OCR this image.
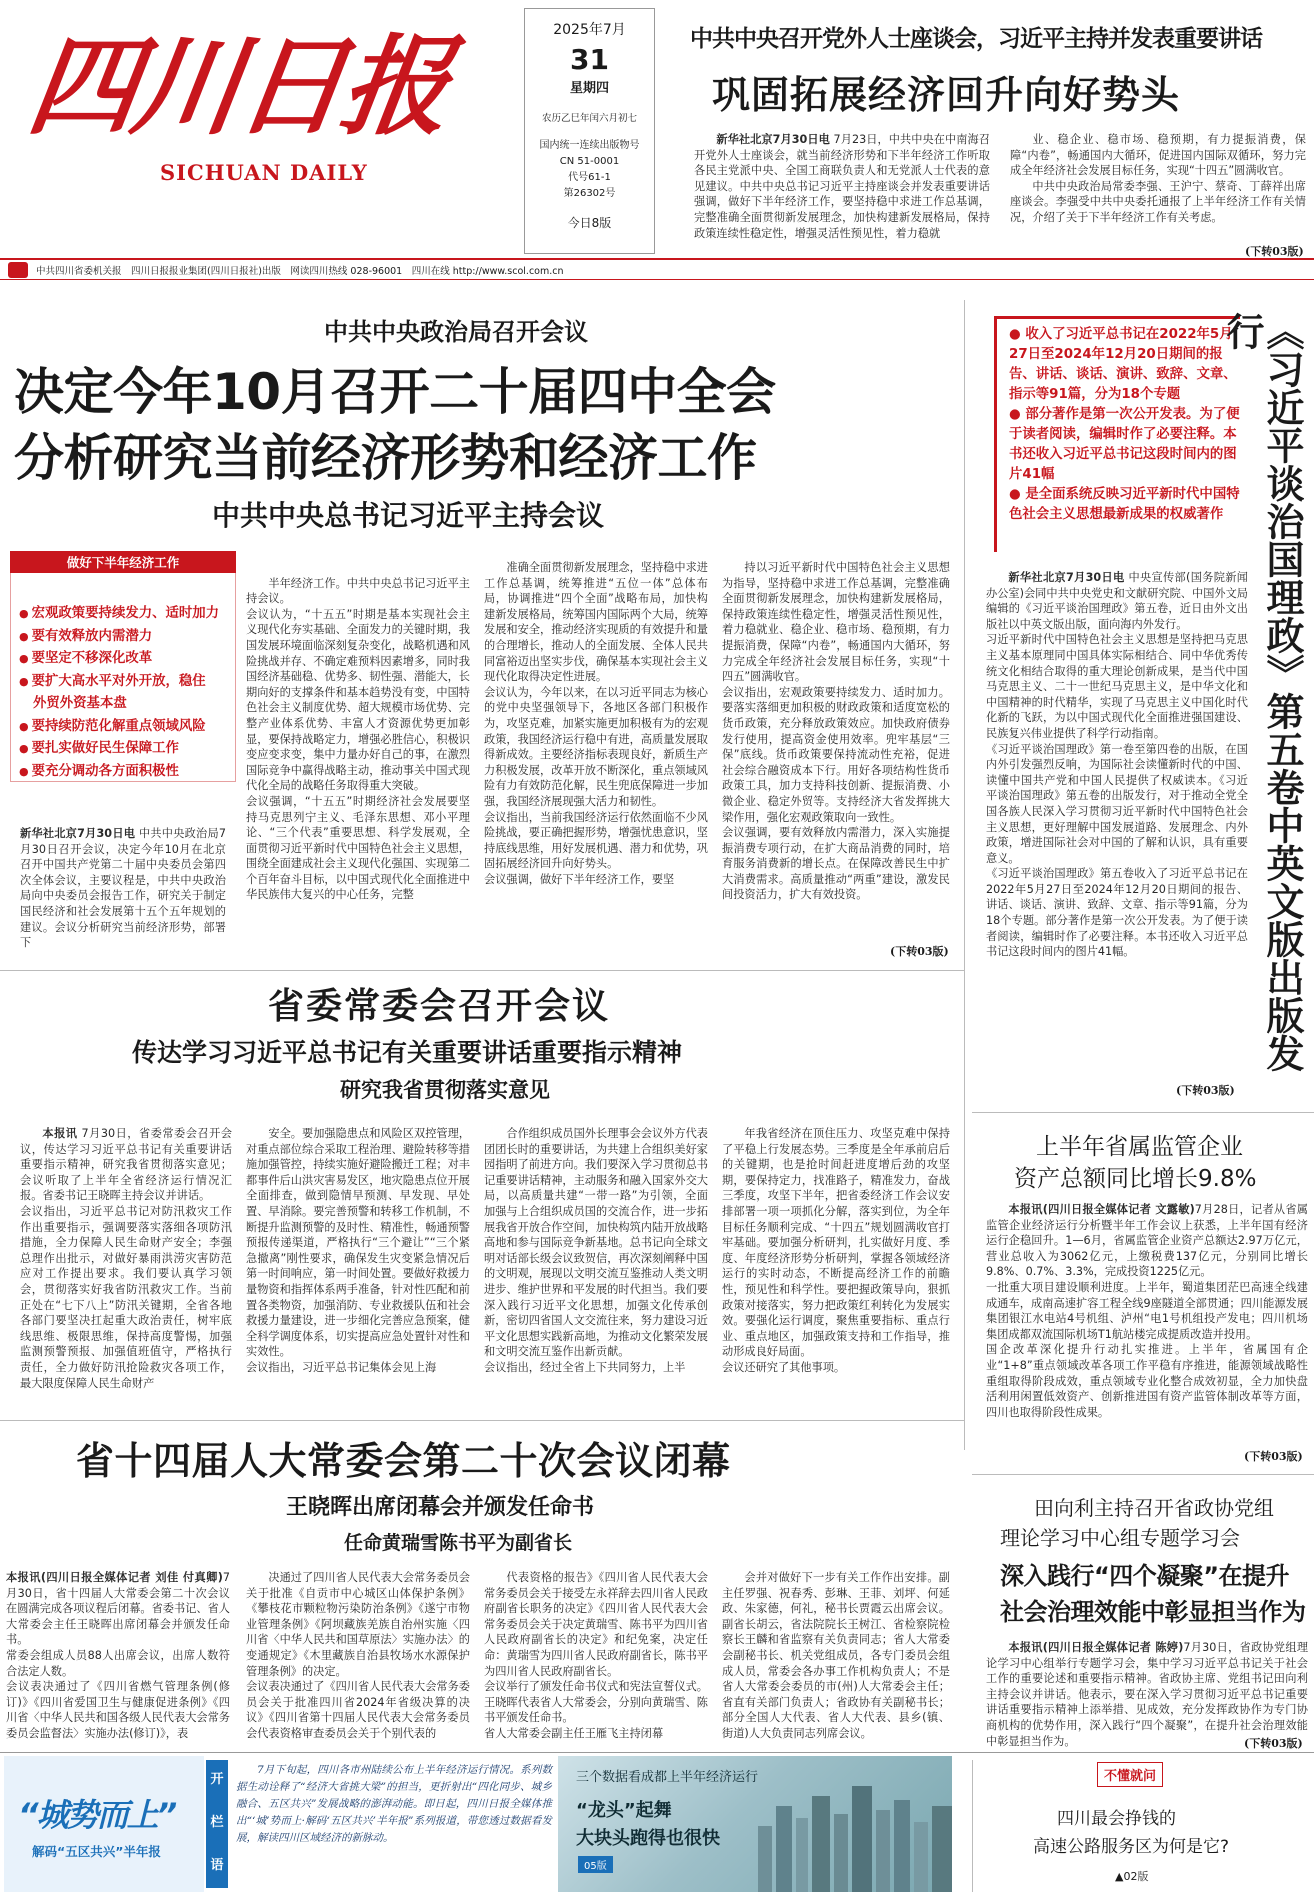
四川日报
SICHUAN DAILY
2025年7月
31
星期四
农历乙巳年闰六月初七
国内统一连续出版物号
CN 51-0001
代号61-1
第26302号
今日8版
中共中央召开党外人士座谈会，习近平主持并发表重要讲话
巩固拓展经济回升向好势头

新华社北京7月30日电 7月23日，中共中央在中南海召开党外人士座谈会，就当前经济形势和下半年经济工作听取各民主党派中央、全国工商联负责人和无党派人士代表的意见建议。中共中央总书记习近平主持座谈会并发表重要讲话强调，做好下半年经济工作，要坚持稳中求进工作总基调，完整准确全面贯彻新发展理念，加快构建新发展格局，保持政策连续性稳定性，增强灵活性预见性，着力稳就

业、稳企业、稳市场、稳预期，有力提振消费，保障“内卷”，畅通国内大循环，促进国内国际双循环，努力完成全年经济社会发展目标任务，实现“十四五”圆满收官。

中共中央政治局常委李强、王沪宁、蔡奇、丁薛祥出席座谈会。李强受中共中央委托通报了上半年经济工作有关情况，介绍了关于下半年经济工作有关考虑。

(下转03版)
中共四川省委机关报　四川日报报业集团(四川日报社)出版　网读四川热线 028-96001　四川在线 http://www.scol.com.cn
中共中央政治局召开会议
决定今年10月召开二十届四中全会
分析研究当前经济形势和经济工作
中共中央总书记习近平主持会议
做好下半年经济工作
● 宏观政策要持续发力、适时加力
● 要有效释放内需潜力
● 要坚定不移深化改革
● 要扩大高水平对外开放，稳住
外贸外资基本盘
● 要持续防范化解重点领域风险
● 要扎实做好民生保障工作
● 要充分调动各方面积极性

新华社北京7月30日电 中共中央政治局7月30日召开会议，决定今年10月在北京召开中国共产党第二十届中央委员会第四次全体会议，主要议程是，中共中央政治局向中央委员会报告工作，研究关于制定国民经济和社会发展第十五个五年规划的建议。会议分析研究当前经济形势，部署下

半年经济工作。中共中央总书记习近平主持会议。
会议认为，“十五五”时期是基本实现社会主义现代化夯实基础、全面发力的关键时期，我国发展环境面临深刻复杂变化，战略机遇和风险挑战并存、不确定难预料因素增多，同时我国经济基础稳、优势多、韧性强、潜能大，长期向好的支撑条件和基本趋势没有变，中国特色社会主义制度优势、超大规模市场优势、完整产业体系优势、丰富人才资源优势更加彰显，要保持战略定力，增强必胜信心，积极识变应变求变，集中力量办好自己的事，在激烈国际竞争中赢得战略主动，推动事关中国式现代化全局的战略任务取得重大突破。
会议强调，“十五五”时期经济社会发展要坚持马克思列宁主义、毛泽东思想、邓小平理论、“三个代表”重要思想、科学发展观，全面贯彻习近平新时代中国特色社会主义思想，围绕全面建成社会主义现代化强国、实现第二个百年奋斗目标，以中国式现代化全面推进中华民族伟大复兴的中心任务，完整

准确全面贯彻新发展理念，坚持稳中求进工作总基调，统筹推进“五位一体”总体布局，协调推进“四个全面”战略布局，加快构建新发展格局，统筹国内国际两个大局，统筹发展和安全，推动经济实现质的有效提升和量的合理增长，推动人的全面发展、全体人民共同富裕迈出坚实步伐，确保基本实现社会主义现代化取得决定性进展。
会议认为，今年以来，在以习近平同志为核心的党中央坚强领导下，各地区各部门积极作为，攻坚克难，加紧实施更加积极有为的宏观政策，我国经济运行稳中有进，高质量发展取得新成效。主要经济指标表现良好，新质生产力积极发展，改革开放不断深化，重点领域风险有力有效防范化解，民生兜底保障进一步加强，我国经济展现强大活力和韧性。
会议指出，当前我国经济运行依然面临不少风险挑战，要正确把握形势，增强忧患意识，坚持底线思维，用好发展机遇、潜力和优势，巩固拓展经济回升向好势头。
会议强调，做好下半年经济工作，要坚

持以习近平新时代中国特色社会主义思想为指导，坚持稳中求进工作总基调，完整准确全面贯彻新发展理念，加快构建新发展格局，保持政策连续性稳定性，增强灵活性预见性，着力稳就业、稳企业、稳市场、稳预期，有力提振消费，保障“内卷”，畅通国内大循环，努力完成全年经济社会发展目标任务，实现“十四五”圆满收官。
会议指出，宏观政策要持续发力、适时加力。要落实落细更加积极的财政政策和适度宽松的货币政策，充分释放政策效应。加快政府债券发行使用，提高资金使用效率。兜牢基层“三保”底线。货币政策要保持流动性充裕，促进社会综合融资成本下行。用好各项结构性货币政策工具，加力支持科技创新、提振消费、小微企业、稳定外贸等。支持经济大省发挥挑大梁作用，强化宏观政策取向一致性。
会议强调，要有效释放内需潜力，深入实施提振消费专项行动，在扩大商品消费的同时，培育服务消费新的增长点。在保障改善民生中扩大消费需求。高质量推动“两重”建设，激发民间投资活力，扩大有效投资。

(下转03版)
● 收入了习近平总书记在2022年5月27日至2024年12月20日期间的报告、讲话、谈话、演讲、致辞、文章、指示等91篇，分为18个专题
● 部分著作是第一次公开发表。为了便于读者阅读，编辑时作了必要注释。本书还收入习近平总书记这段时间内的图片41幅
● 是全面系统反映习近平新时代中国特色社会主义思想最新成果的权威著作 《习近平谈治国理政》第五卷中英文版出版发行

新华社北京7月30日电 中央宣传部(国务院新闻办公室)会同中共中央党史和文献研究院、中国外文局编辑的《习近平谈治国理政》第五卷，近日由外文出版社以中英文版出版，面向海内外发行。
习近平新时代中国特色社会主义思想是坚持把马克思主义基本原理同中国具体实际相结合、同中华优秀传统文化相结合取得的重大理论创新成果，是当代中国马克思主义、二十一世纪马克思主义，是中华文化和中国精神的时代精华，实现了马克思主义中国化时代化新的飞跃，为以中国式现代化全面推进强国建设、民族复兴伟业提供了科学行动指南。
《习近平谈治国理政》第一卷至第四卷的出版，在国内外引发强烈反响，为国际社会读懂新时代的中国、读懂中国共产党和中国人民提供了权威读本。《习近平谈治国理政》第五卷的出版发行，对于推动全党全国各族人民深入学习贯彻习近平新时代中国特色社会主义思想，更好理解中国发展道路、发展理念、内外政策，增进国际社会对中国的了解和认识，具有重要意义。
《习近平谈治国理政》第五卷收入了习近平总书记在2022年5月27日至2024年12月20日期间的报告、讲话、谈话、演讲、致辞、文章、指示等91篇，分为18个专题。部分著作是第一次公开发表。为了便于读者阅读，编辑时作了必要注释。本书还收入习近平总书记这段时间内的图片41幅。

(下转03版)
上半年省属监管企业
资产总额同比增长9.8%

本报讯(四川日报全媒体记者 文露敏)7月28日，记者从省属监管企业经济运行分析暨半年工作会议上获悉，上半年国有经济运行企稳回升。1—6月，省属监管企业资产总额达2.97万亿元，营业总收入为3062亿元，上缴税费137亿元，分别同比增长9.8%、0.7%、3.3%，完成投资1225亿元。
一批重大项目建设顺利进度。上半年，蜀道集团茫巴高速全线建成通车，成南高速扩容工程全线9座隧道全部贯通；四川能源发展集团银江水电站4号机组、泸州“电1号机组投产发电；四川机场集团成都双流国际机场T1航站楼完成提质改造并投用。
国企改革深化提升行动扎实推进。上半年，省属国有企业“1+8”重点领域改革各项工作平稳有序推进，能源领域战略性重组取得阶段成效，重点领域专业化整合成效初显，全力加快盘活利用闲置低效资产、创新推进国有资产监管体制改革等方面，四川也取得阶段性成果。

(下转03版)
省委常委会召开会议
传达学习习近平总书记有关重要讲话重要指示精神
研究我省贯彻落实意见

本报讯 7月30日，省委常委会召开会议，传达学习习近平总书记有关重要讲话重要指示精神，研究我省贯彻落实意见；会议听取了上半年全省经济运行情况汇报。省委书记王晓晖主持会议并讲话。
会议指出，习近平总书记对防汛救灾工作作出重要指示，强调要落实落细各项防汛措施，全力保障人民生命财产安全；李强总理作出批示，对做好暴雨洪涝灾害防范应对工作提出要求。我们要认真学习领会，贯彻落实好我省防汛救灾工作。当前正处在“七下八上”防汛关键期，全省各地各部门要坚决扛起重大政治责任，树牢底线思维、极限思维，保持高度警惕，加强监测预警预报、加强值班值守，严格执行责任，全力做好防汛抢险救灾各项工作，最大限度保障人民生命财产

安全。要加强隐患点和风险区双控管理，对重点部位综合采取工程治理、避险转移等措施加强管控，持续实施好避险搬迁工程；对丰都事件后山洪灾害易发区，地灾隐患点位开展全面排查，做到隐情早预测、早发现、早处置、早消除。要完善预警和转移工作机制，不断提升监测预警的及时性、精准性，畅通预警预报传递渠道，严格执行“三个避让”“三个紧急撤离”刚性要求，确保发生灾变紧急情况后第一时间响应，第一时间处置。要做好救援力量物资和指挥体系两手准备，针对性匹配和前置各类物资，加强消防、专业救援队伍和社会救援力量建设，进一步细化完善应急预案，健全科学调度体系，切实提高应急处置针对性和实效性。
会议指出，习近平总书记集体会见上海

合作组织成员国外长理事会会议外方代表团团长时的重要讲话，为共建上合组织美好家园指明了前进方向。我们要深入学习贯彻总书记重要讲话精神，主动服务和融入国家外交大局，以高质量共建“一带一路”为引领，全面加强与上合组织成员国的交流合作，进一步拓展我省开放合作空间，加快构筑内陆开放战略高地和参与国际竞争新基地。总书记向全球文明对话部长级会议致贺信，再次深刻阐释中国的文明观，展现以文明交流互鉴推动人类文明进步、维护世界和平发展的时代担当。我们要深入践行习近平文化思想，加强文化传承创新，密切四省国人文交流往来，努力建设习近平文化思想实践新高地，为推动文化繁荣发展和文明交流互鉴作出新贡献。
会议指出，经过全省上下共同努力，上半

年我省经济在顶住压力、攻坚克难中保持了平稳上行发展态势。三季度是全年承前启后的关键期，也是抢时间赶进度增后劲的攻坚期，要保持定力，找准路子，精准发力，奋战三季度，攻坚下半年，把省委经济工作会议安排部署一项一项抓化分解，落实到位，为全年目标任务顺利完成、“十四五”规划圆满收官打牢基础。要加强分析研判，扎实做好月度、季度、年度经济形势分析研判，掌握各领域经济运行的实时动态，不断提高经济工作的前瞻性，预见性和科学性。要把握政策导向，狠抓政策对接落实，努力把政策红利转化为发展实效。要强化运行调度，聚焦重要指标、重点行业、重点地区，加强政策支持和工作指导，推动形成良好局面。
会议还研究了其他事项。

省十四届人大常委会第二十次会议闭幕
王晓晖出席闭幕会并颁发任命书
任命黄瑞雪陈书平为副省长

本报讯(四川日报全媒体记者 刘佳 付真卿)7月30日，省十四届人大常委会第二十次会议在圆满完成各项议程后闭幕。省委书记、省人大常委会主任王晓晖出席闭幕会并颁发任命书。
常委会组成人员88人出席会议，出席人数符合法定人数。
会议表决通过了《四川省燃气管理条例(修订)》《四川省爱国卫生与健康促进条例》《四川省〈中华人民共和国各级人民代表大会常务委员会监督法〉实施办法(修订)》，表

决通过了四川省人民代表大会常务委员会关于批准《自贡市中心城区山体保护条例》《攀枝花市颗粒物污染防治条例》《遂宁市物业管理条例》《阿坝藏族羌族自治州实施〈四川省〈中华人民共和国草原法〉实施办法〉的变通规定》《木里藏族自治县牧场水水源保护管理条例》的决定。
会议表决通过了《四川省人民代表大会常务委员会关于批准四川省2024年省级决算的决议》《四川省第十四届人民代表大会常务委员会代表资格审查委员会关于个别代表的

代表资格的报告》《四川省人民代表大会常务委员会关于接受左永祥辞去四川省人民政府副省长职务的决定》《四川省人民代表大会常务委员会关于决定黄瑞雪、陈书平为四川省人民政府副省长的决定》和纪免案，决定任命：黄瑞雪为四川省人民政府副省长，陈书平为四川省人民政府副省长。
会议举行了颁发任命书仪式和宪法宣誓仪式。王晓晖代表省人大常委会，分别向黄瑞雪、陈书平颁发任命书。
省人大常委会副主任王雁飞主持闭幕

会并对做好下一步有关工作作出安排。副主任罗强、祝春秀、彭琳、王菲、刘坪、何延政、朱家德，何礼，秘书长贾霞云出席会议。副省长胡云，省法院院长王树江、省检察院检察长王麟和省监察有关负责同志；省人大常委会副秘书长、机关党组成员，各专门委员会组成人员，常委会各办事工作机构负责人；不是省人大常委会委员的市(州)人大常委会主任；省直有关部门负责人；省政协有关副秘书长；部分全国人大代表、省人大代表、县乡(镇、街道)人大负责同志列席会议。

田向利主持召开省政协党组
理论学习中心组专题学习会
深入践行“四个凝聚”在提升
社会治理效能中彰显担当作为

本报讯(四川日报全媒体记者 陈婷)7月30日，省政协党组理论学习中心组举行专题学习会，集中学习习近平总书记关于社会工作的重要论述和重要指示精神。省政协主席、党组书记田向利主持会议并讲话。他表示，要在深入学习贯彻习近平总书记重要讲话重要指示精神上添举措、见成效，充分发挥政协作为专门协商机构的优势作用，深入践行“四个凝聚”，在提升社会治理效能中彰显担当作为。	(下转03版)
“城势而上”
解码“五区共兴”半年报
开
栏
语

7月下旬起，四川各市州陆续公布上半年经济运行情况。系列数据生动诠释了“经济大省挑大梁”的担当，更折射出“四化同步、城乡融合、五区共兴”发展战略的澎湃动能。即日起，四川日报全媒体推出“‘城’势而上·解码‘五区共兴’半年报”系列报道，带您透过数据看发展，解读四川区域经济的新脉动。

三个数据看成都上半年经济运行
“龙头”起舞
大块头跑得也很快
05版
不懂就问
四川最会挣钱的
高速公路服务区为何是它?
▲02版
